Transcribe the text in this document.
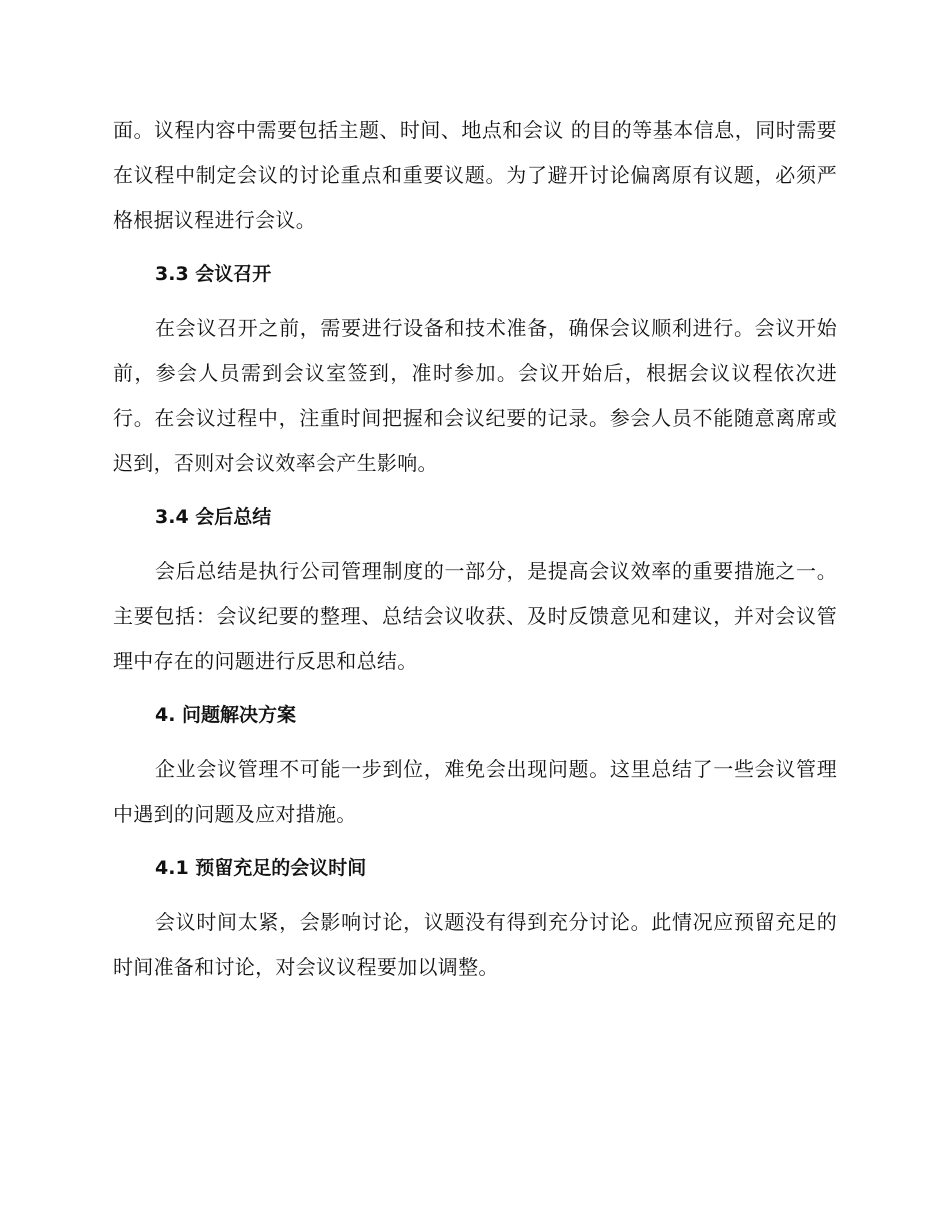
面。议程内容中需要包括主题、时间、地点和会议 的目的等基本信息，同时需要在议程中制定会议的讨论重点和重要议题。为了避开讨论偏离原有议题，必须严格根据议程进行会议。

3.3 会议召开

在会议召开之前，需要进行设备和技术准备，确保会议顺利进行。会议开始前，参会人员需到会议室签到，准时参加。会议开始后，根据会议议程依次进行。在会议过程中，注重时间把握和会议纪要的记录。参会人员不能随意离席或迟到，否则对会议效率会产生影响。

3.4 会后总结

会后总结是执行公司管理制度的一部分，是提高会议效率的重要措施之一。主要包括：会议纪要的整理、总结会议收获、及时反馈意见和建议，并对会议管理中存在的问题进行反思和总结。

4. 问题解决方案

企业会议管理不可能一步到位，难免会出现问题。这里总结了一些会议管理中遇到的问题及应对措施。

4.1 预留充足的会议时间

会议时间太紧，会影响讨论，议题没有得到充分讨论。此情况应预留充足的时间准备和讨论，对会议议程要加以调整。
